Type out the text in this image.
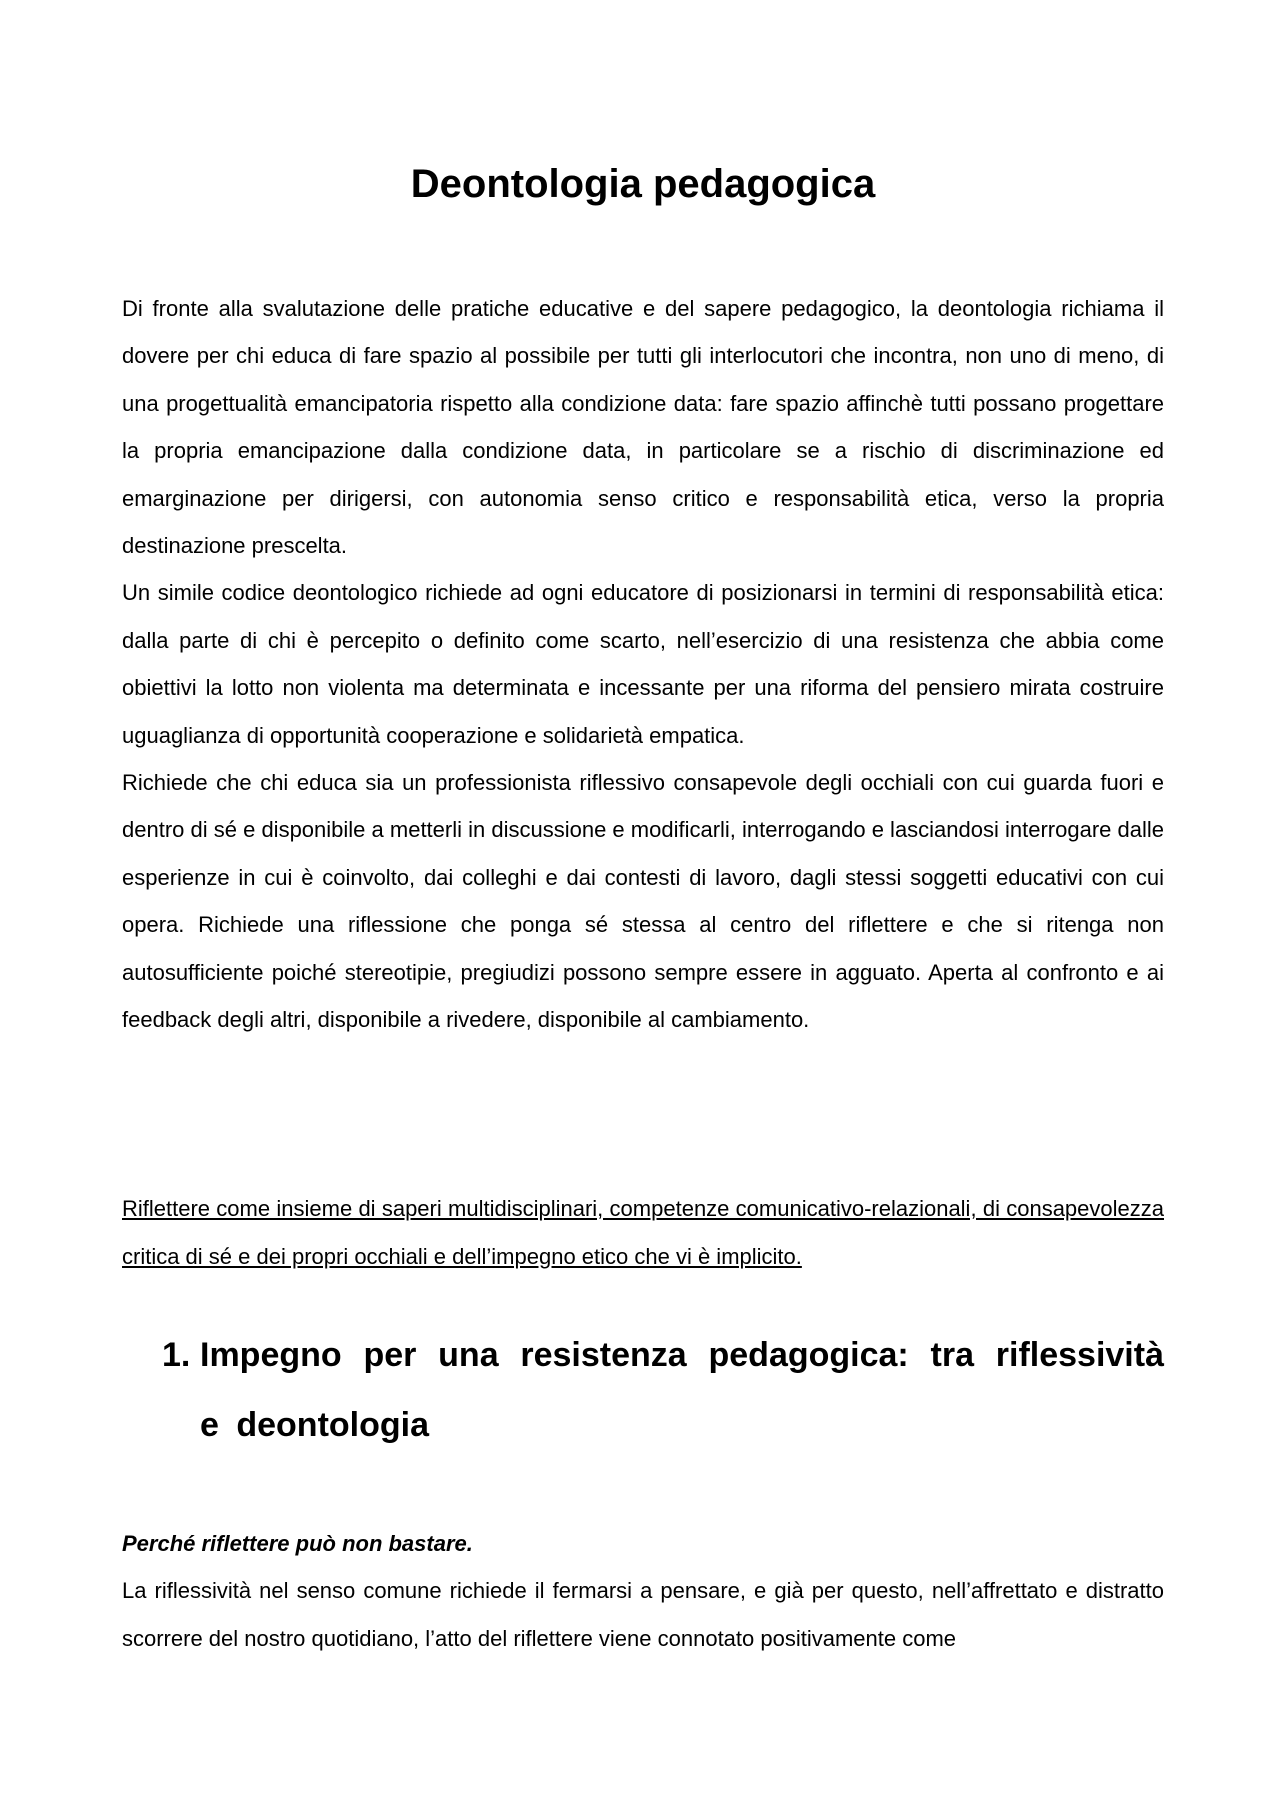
Deontologia pedagogica

Di fronte alla svalutazione delle pratiche educative e del sapere pedagogico, la deontologia richiama il dovere per chi educa di fare spazio al possibile per tutti gli interlocutori che incontra, non uno di meno, di una progettualità emancipatoria rispetto alla condizione data: fare spazio affinchè tutti possano progettare la propria emancipazione dalla condizione data, in particolare se a rischio di discriminazione ed emarginazione per dirigersi, con autonomia senso critico e responsabilità etica, verso la propria destinazione prescelta.

Un simile codice deontologico richiede ad ogni educatore di posizionarsi in termini di responsabilità etica: dalla parte di chi è percepito o definito come scarto, nell’esercizio di una resistenza che abbia come obiettivi la lotto non violenta ma determinata e incessante per una riforma del pensiero mirata costruire uguaglianza di opportunità cooperazione e solidarietà empatica.

Richiede che chi educa sia un professionista riflessivo consapevole degli occhiali con cui guarda fuori e dentro di sé e disponibile a metterli in discussione e modificarli, interrogando e lasciandosi interrogare dalle esperienze in cui è coinvolto, dai colleghi e dai contesti di lavoro, dagli stessi soggetti educativi con cui opera. Richiede una riflessione che ponga sé stessa al centro del riflettere e che si ritenga non autosufficiente poiché stereotipie, pregiudizi possono sempre essere in agguato. Aperta al confronto e ai feedback degli altri, disponibile a rivedere, disponibile al cambiamento.

Riflettere come insieme di saperi multidisciplinari, competenze comunicativo-relazionali, di consapevolezza critica di sé e dei propri occhiali e dell’impegno etico che vi è implicito.

1. Impegno per una resistenza pedagogica: tra riflessività e deontologia

Perché riflettere può non bastare.

La riflessività nel senso comune richiede il fermarsi a pensare, e già per questo, nell’affrettato e distratto scorrere del nostro quotidiano, l’atto del riflettere viene connotato positivamente come
